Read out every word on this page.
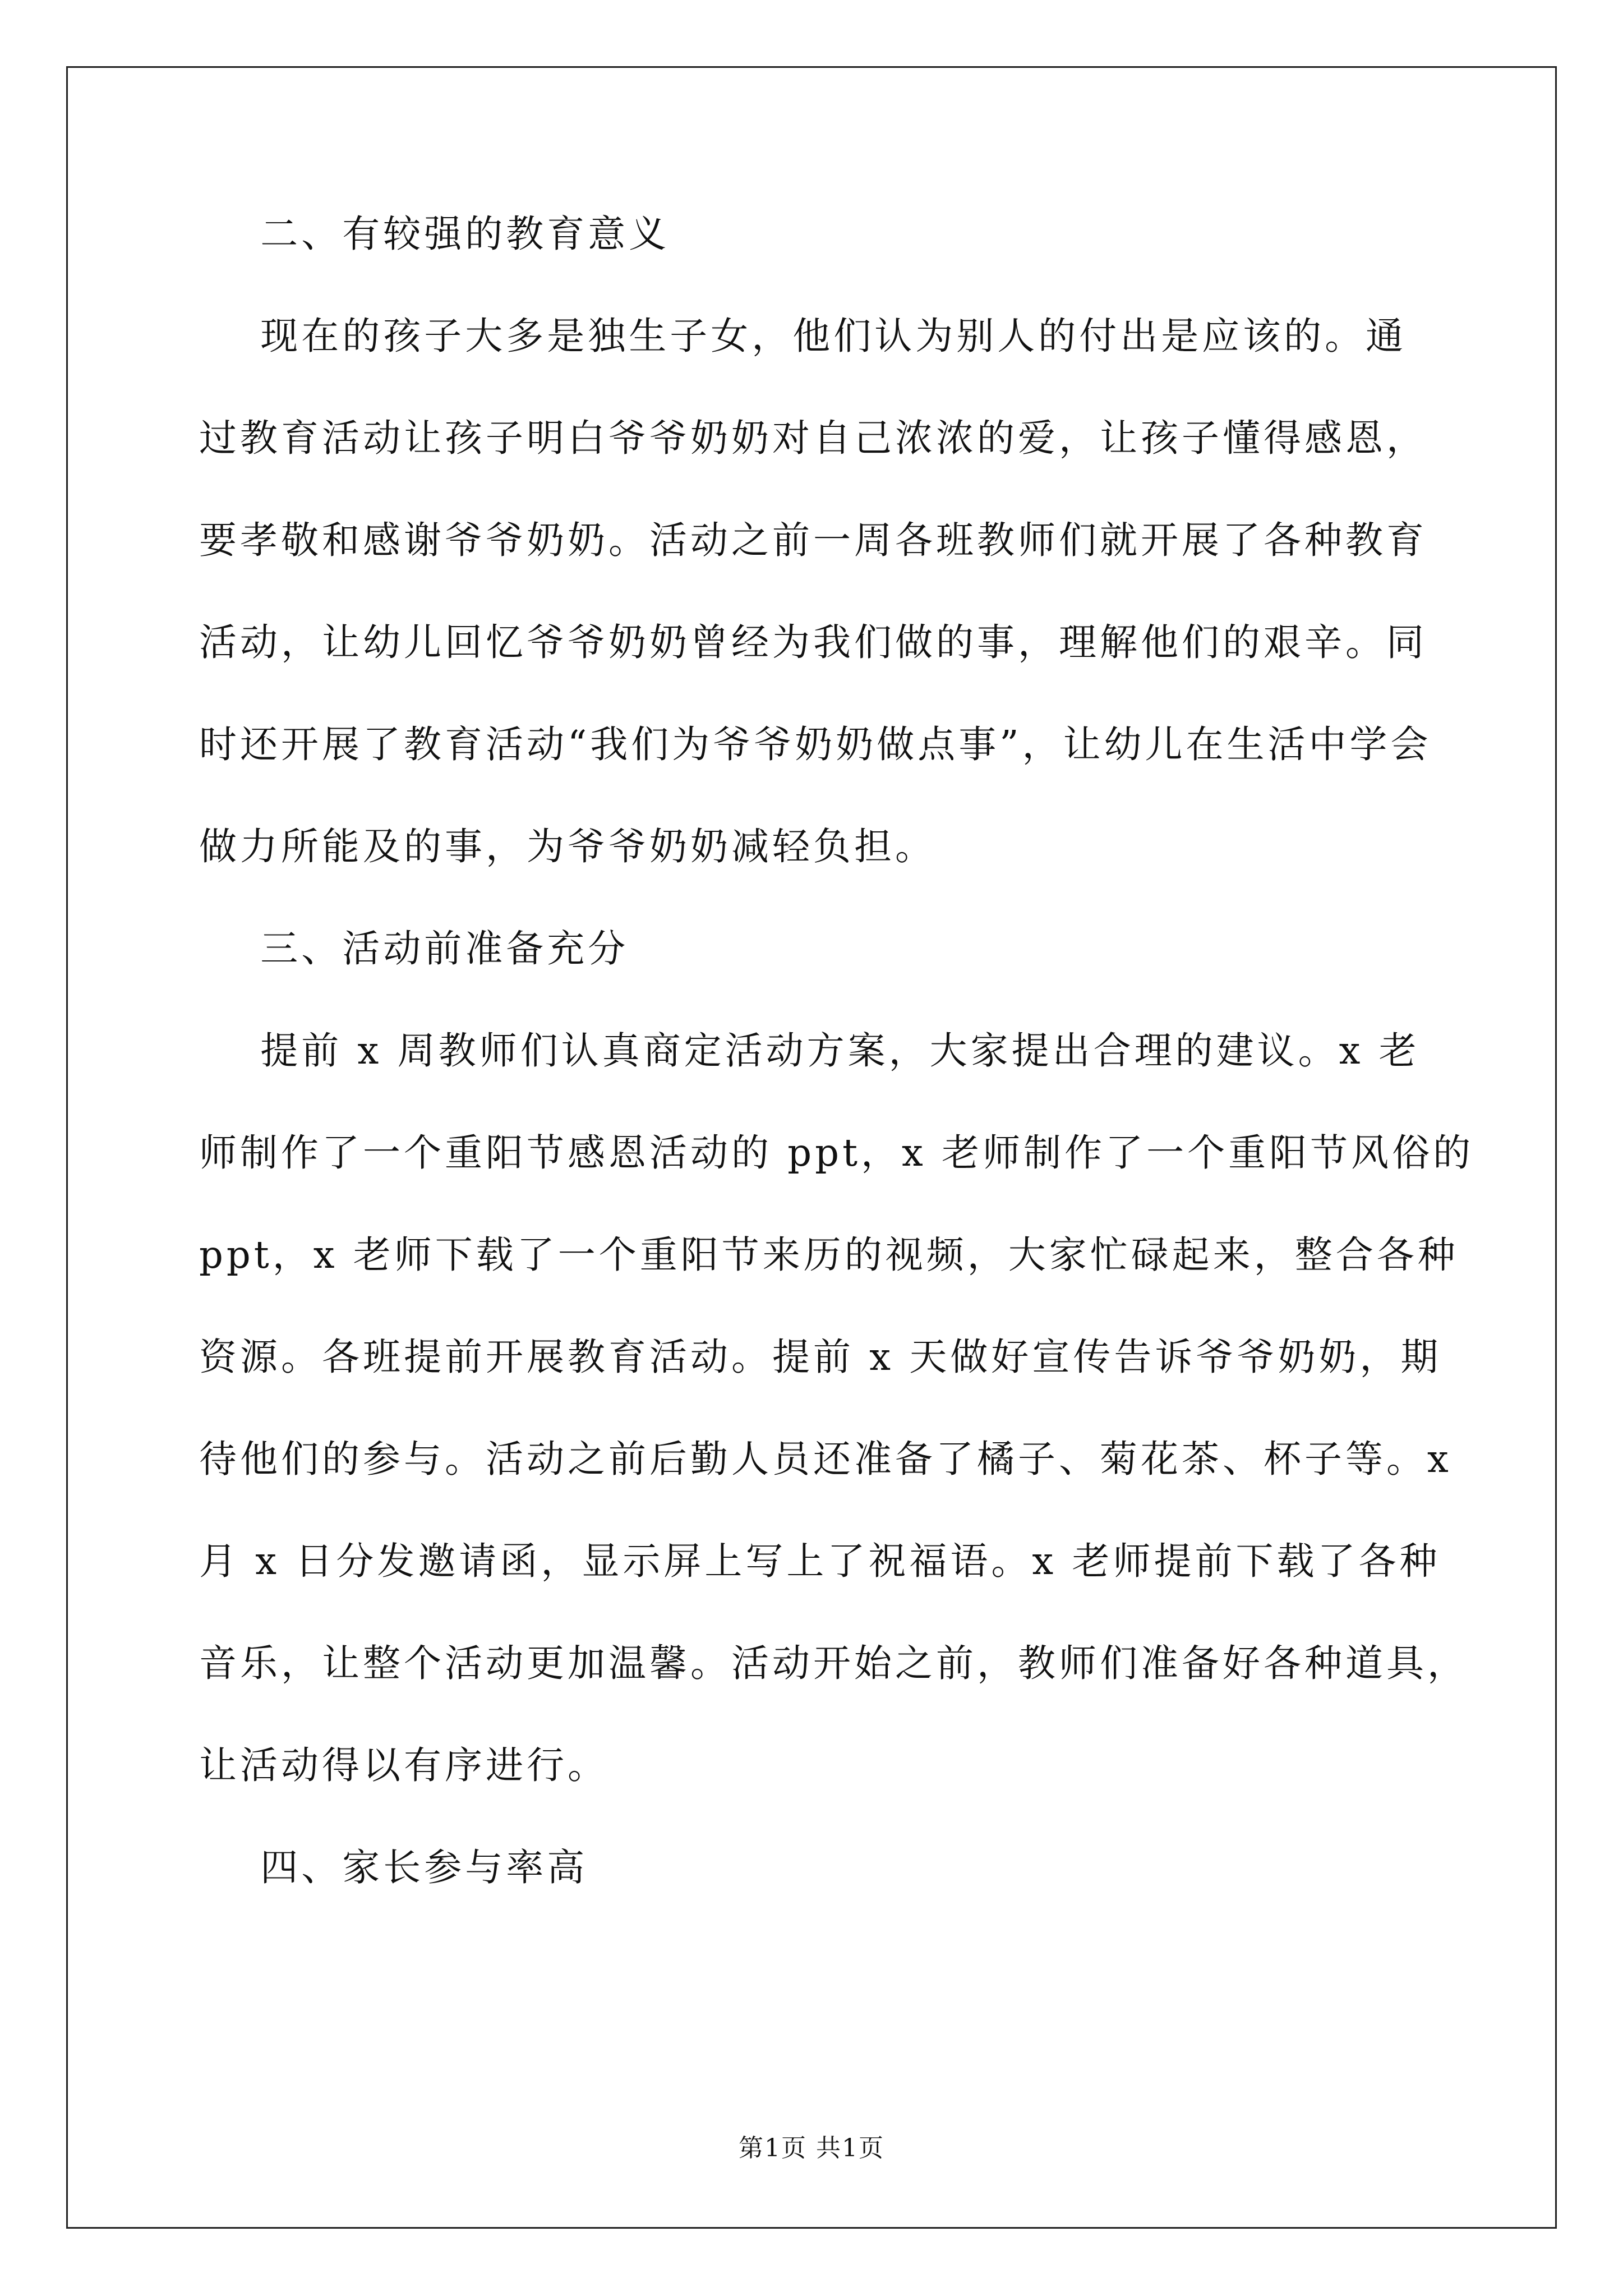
二、有较强的教育意义
现在的孩子大多是独生子女，他们认为别人的付出是应该的。通
过教育活动让孩子明白爷爷奶奶对自己浓浓的爱，让孩子懂得感恩，
要孝敬和感谢爷爷奶奶。活动之前一周各班教师们就开展了各种教育
活动，让幼儿回忆爷爷奶奶曾经为我们做的事，理解他们的艰辛。同
时还开展了教育活动“我们为爷爷奶奶做点事”，让幼儿在生活中学会
做力所能及的事，为爷爷奶奶减轻负担。
三、活动前准备充分
提前 x 周教师们认真商定活动方案，大家提出合理的建议。x 老
师制作了一个重阳节感恩活动的 ppt，x 老师制作了一个重阳节风俗的
ppt，x 老师下载了一个重阳节来历的视频，大家忙碌起来，整合各种
资源。各班提前开展教育活动。提前 x 天做好宣传告诉爷爷奶奶，期
待他们的参与。活动之前后勤人员还准备了橘子、菊花茶、杯子等。x
月 x 日分发邀请函，显示屏上写上了祝福语。x 老师提前下载了各种
音乐，让整个活动更加温馨。活动开始之前，教师们准备好各种道具，
让活动得以有序进行。
四、家长参与率高
第1页 共1页
